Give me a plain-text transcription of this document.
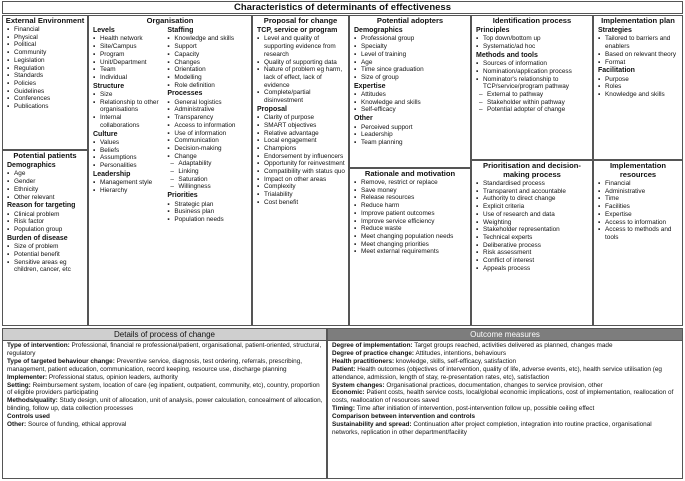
Characteristics of determinants of effectiveness
External Environment
▪ Financial
▪ Physical
▪ Political
▪ Community
▪ Legislation
▪ Regulation
▪ Standards
▪ Policies
▪ Guidelines
▪ Conferences
▪ Publications
Potential patients
Demographics
▪ Age
▪ Gender
▪ Ethnicity
▪ Other relevant
Reason for targeting
▪ Clinical problem
▪ Risk factor
▪ Population group
Burden of disease
▪ Size of problem
▪ Potential benefit
▪ Sensitive areas eg children, cancer, etc
Organisation
Levels
▪ Health network
▪ Site/Campus
▪ Program
▪ Unit/Department
▪ Team
▪ Individual
Structure
▪ Size
▪ Relationship to other organisations
▪ Internal collaborations
Culture
▪ Values
▪ Beliefs
▪ Assumptions
▪ Personalities
Leadership
▪ Management style
▪ Hierarchy
Staffing
▪ Knowledge and skills
▪ Support
▪ Capacity
▪ Changes
▪ Orientation
▪ Modelling
▪ Role definition
Processes
▪ General logistics
▪ Administrative
▪ Transparency
▪ Access to information
▪ Use of information
▪ Communication
▪ Decision-making
▪ Change
– Adaptability
– Linking
– Saturation
– Willingness
Priorities
▪ Strategic plan
▪ Business plan
▪ Population needs
Proposal for change
TCP, service or program
▪ Level and quality of supporting evidence from research
▪ Quality of supporting data
▪ Nature of problem eg harm, lack of effect, lack of evidence
▪ Complete/partial disinvestment
Proposal
▪ Clarity of purpose
▪ SMART objectives
▪ Relative advantage
▪ Local engagement
▪ Champions
▪ Endorsement by influencers
▪ Opportunity for reinvestment
▪ Compatibility with status quo
▪ Impact on other areas
▪ Complexity
▪ Trialability
▪ Cost benefit
Potential adopters
Demographics
▪ Professional group
▪ Specialty
▪ Level of training
▪ Age
▪ Time since graduation
▪ Size of group
Expertise
▪ Attitudes
▪ Knowledge and skills
▪ Self-efficacy
Other
▪ Perceived support
▪ Leadership
▪ Team planning
Rationale and motivation
▪ Remove, restrict or replace
▪ Save money
▪ Release resources
▪ Reduce harm
▪ Improve patient outcomes
▪ Improve service efficiency
▪ Reduce waste
▪ Meet changing population needs
▪ Meet changing priorities
▪ Meet external requirements
Identification process
Principles
▪ Top down/bottom up
▪ Systematic/ad hoc
Methods and tools
▪ Sources of information
▪ Nomination/application process
▪ Nominator's relationship to TCP/service/program pathway
– External to pathway
– Stakeholder within pathway
– Potential adopter of change
Prioritisation and decision-making process
▪ Standardised process
▪ Transparent and accountable
▪ Authority to direct change
▪ Explicit criteria
▪ Use of research and data
▪ Weighting
▪ Stakeholder representation
▪ Technical experts
▪ Deliberative process
▪ Risk assessment
▪ Conflict of interest
▪ Appeals process
Implementation plan
Strategies
▪ Tailored to barriers and enablers
▪ Based on relevant theory
▪ Format
Facilitation
▪ Purpose
▪ Roles
▪ Knowledge and skills
Implementation resources
▪ Financial
▪ Administrative
▪ Time
▪ Facilities
▪ Expertise
▪ Access to information
▪ Access to methods and tools
Details of process of change
Type of intervention: Professional, financial re professional/patient, organisational, patient-oriented, structural, regulatory
Type of targeted behaviour change: Preventive service, diagnosis, test ordering, referrals, prescribing, management, patient education, communication, record keeping, resource use, discharge planning
Implementer: Professional status, opinion leaders, authority
Setting: Reimbursement system, location of care (eg inpatient, outpatient, community, etc), country, proportion of eligible providers participating
Methods/quality: Study design, unit of allocation, unit of analysis, power calculation, concealment of allocation, blinding, follow up, data collection processes
Controls used
Other: Source of funding, ethical approval
Outcome measures
Degree of implementation: Target groups reached, activities delivered as planned, changes made
Degree of practice change: Attitudes, intentions, behaviours
Health practitioners: knowledge, skills, self-efficacy, satisfaction
Patient: Health outcomes (objectives of intervention, quality of life, adverse events, etc), health service utilisation (eg attendance, admission, length of stay, re-presentation rates, etc), satisfaction
System changes: Organisational practices, documentation, changes to service provision, other
Economic: Patient costs, health service costs, local/global economic implications, cost of implementation, reallocation of costs, reallocation of resources saved
Timing: Time after initiation of intervention, post-intervention follow up, possible ceiling effect
Comparison between intervention and controls
Sustainability and spread: Continuation after project completion, integration into routine practice, organisational networks, replication in other department/facility
